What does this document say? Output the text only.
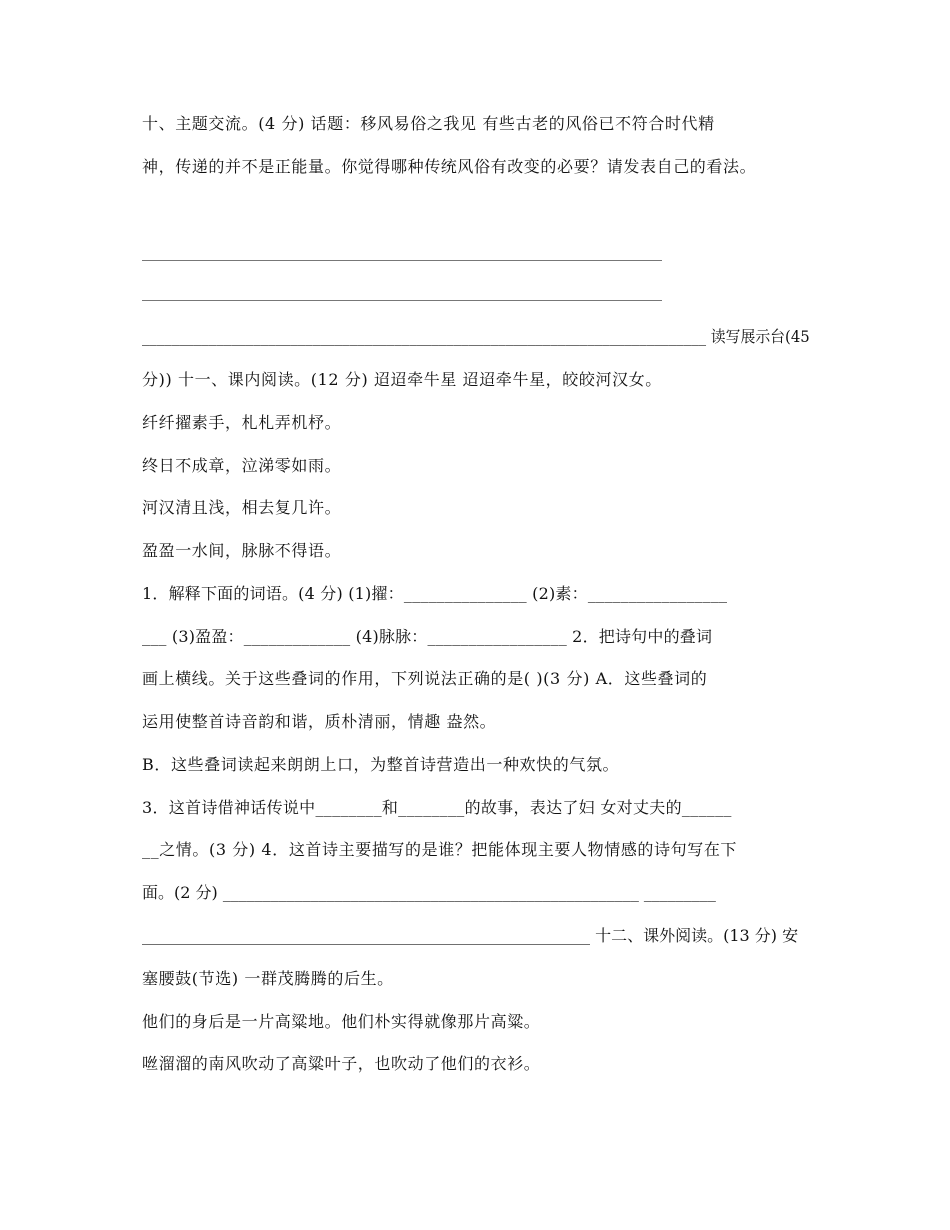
十、主题交流。(4 分) 话题：移风易俗之我见 有些古老的风俗已不符合时代精
神，传递的并不是正能量。你觉得哪种传统风俗有改变的必要？请发表自己的看法。
____________________________________________________________________________ 读写展示台(45
分)) 十一、课内阅读。(12 分) 迢迢牵牛星 迢迢牵牛星，皎皎河汉女。
纤纤擢素手，札札弄机杼。
终日不成章，泣涕零如雨。
河汉清且浅，相去复几许。
盈盈一水间，脉脉不得语。
1．解释下面的词语。(4 分) (1)擢：_______________ (2)素：_________________
___ (3)盈盈：_____________ (4)脉脉：_________________ 2．把诗句中的叠词
画上横线。关于这些叠词的作用，下列说法正确的是( )(3 分) A．这些叠词的
运用使整首诗音韵和谐，质朴清丽，情趣 盎然。
B．这些叠词读起来朗朗上口，为整首诗营造出一种欢快的气氛。
3．这首诗借神话传说中________和________的故事，表达了妇 女对丈夫的______
__之情。(3 分) 4．这首诗主要描写的是谁？把能体现主要人物情感的诗句写在下
面。(2 分) ____________________________________________________ _________
________________________________________________________ 十二、课外阅读。(13 分) 安
塞腰鼓(节选) 一群茂腾腾的后生。
他们的身后是一片高粱地。他们朴实得就像那片高粱。
咝溜溜的南风吹动了高粱叶子，也吹动了他们的衣衫。
